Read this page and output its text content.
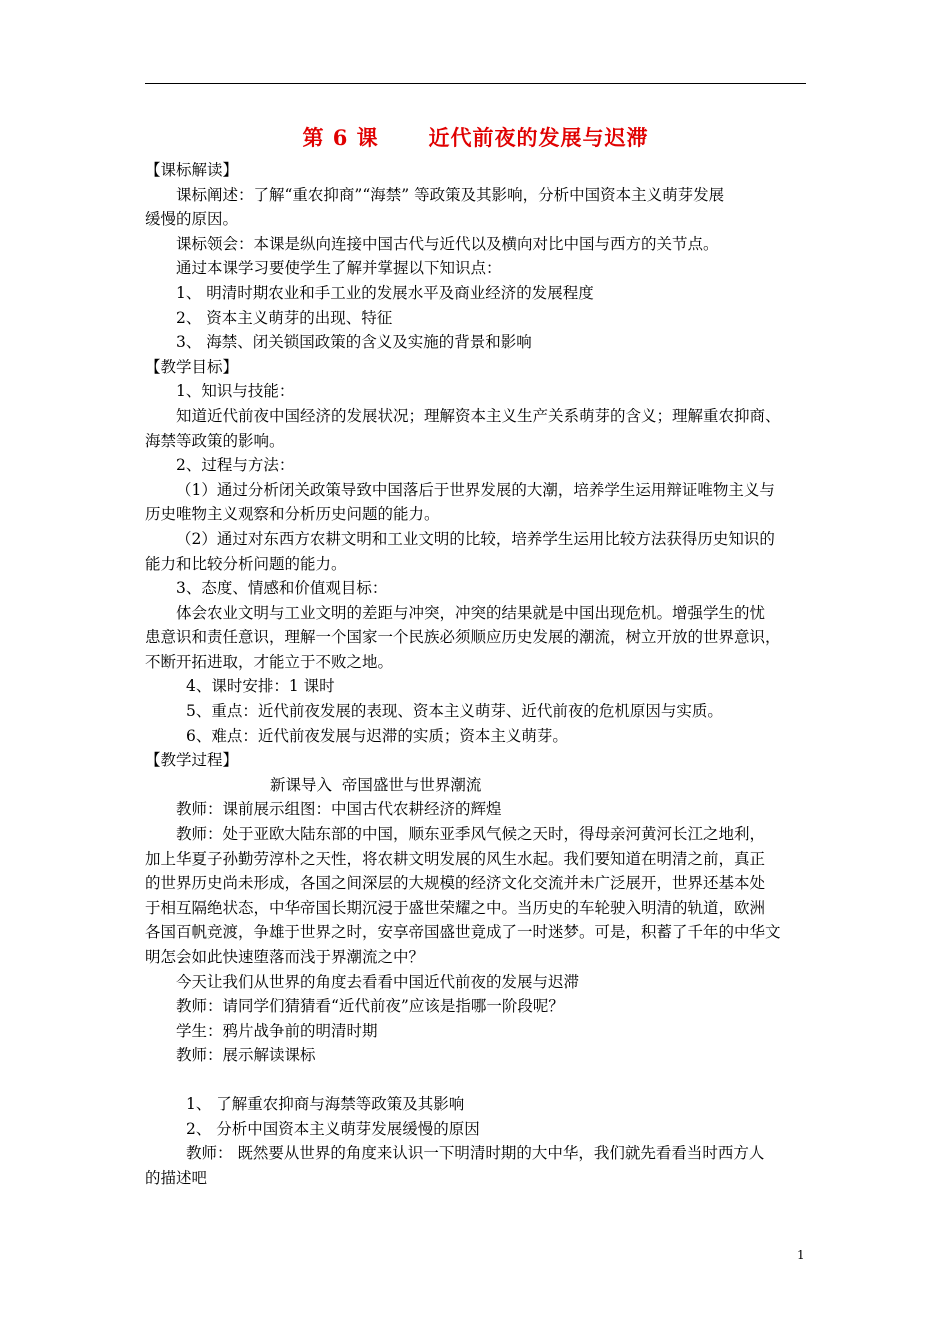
第 6 课      近代前夜的发展与迟滞
【课标解读】
课标阐述：了解“重农抑商”“海禁” 等政策及其影响，分析中国资本主义萌芽发展
缓慢的原因。
课标领会：本课是纵向连接中国古代与近代以及横向对比中国与西方的关节点。
通过本课学习要使学生了解并掌握以下知识点：
1、 明清时期农业和手工业的发展水平及商业经济的发展程度
2、 资本主义萌芽的出现、特征
3、 海禁、闭关锁国政策的含义及实施的背景和影响
【教学目标】
1、知识与技能：
知道近代前夜中国经济的发展状况；理解资本主义生产关系萌芽的含义；理解重农抑商、
海禁等政策的影响。
2、过程与方法：
（1）通过分析闭关政策导致中国落后于世界发展的大潮，培养学生运用辩证唯物主义与
历史唯物主义观察和分析历史问题的能力。
（2）通过对东西方农耕文明和工业文明的比较，培养学生运用比较方法获得历史知识的
能力和比较分析问题的能力。
3、态度、情感和价值观目标：
体会农业文明与工业文明的差距与冲突，冲突的结果就是中国出现危机。增强学生的忧
患意识和责任意识，理解一个国家一个民族必须顺应历史发展的潮流，树立开放的世界意识，
不断开拓进取，才能立于不败之地。
4、课时安排：1 课时
5、重点：近代前夜发展的表现、资本主义萌芽、近代前夜的危机原因与实质。
6、难点：近代前夜发展与迟滞的实质；资本主义萌芽。
【教学过程】
新课导入  帝国盛世与世界潮流
教师：课前展示组图：中国古代农耕经济的辉煌
教师：处于亚欧大陆东部的中国，顺东亚季风气候之天时，得母亲河黄河长江之地利，
加上华夏子孙勤劳淳朴之天性，将农耕文明发展的风生水起。我们要知道在明清之前，真正
的世界历史尚未形成，各国之间深层的大规模的经济文化交流并未广泛展开，世界还基本处
于相互隔绝状态，中华帝国长期沉浸于盛世荣耀之中。当历史的车轮驶入明清的轨道，欧洲
各国百帆竞渡，争雄于世界之时，安享帝国盛世竟成了一时迷梦。可是，积蓄了千年的中华文
明怎会如此快速堕落而浅于界潮流之中？
今天让我们从世界的角度去看看中国近代前夜的发展与迟滞
教师：请同学们猜猜看“近代前夜”应该是指哪一阶段呢？
学生：鸦片战争前的明清时期
教师：展示解读课标
1、 了解重农抑商与海禁等政策及其影响
2、 分析中国资本主义萌芽发展缓慢的原因
教师： 既然要从世界的角度来认识一下明清时期的大中华，我们就先看看当时西方人
的描述吧
1
